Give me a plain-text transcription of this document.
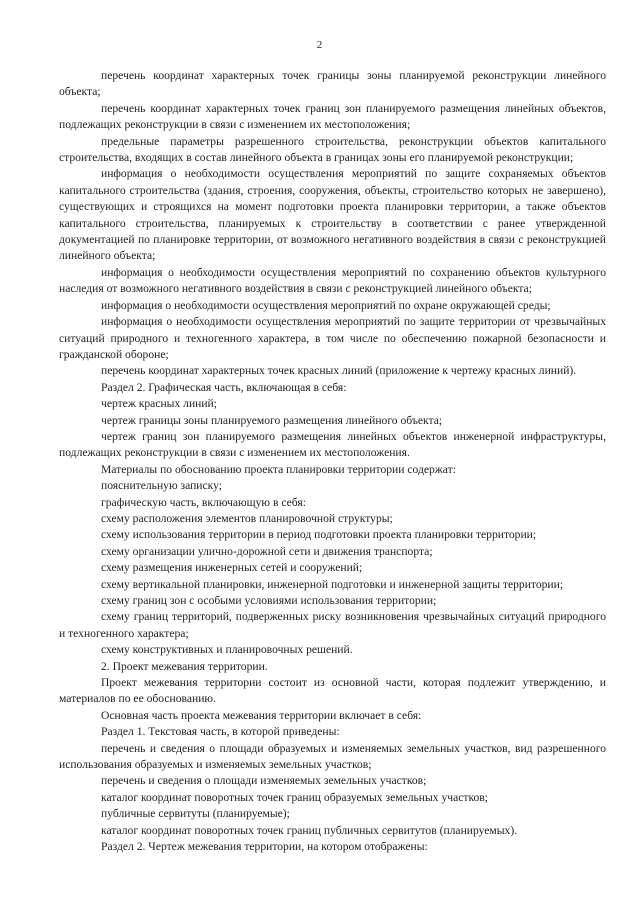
2

перечень координат характерных точек границы зоны планируемой реконструкции линейного объекта;

перечень координат характерных точек границ зон планируемого размещения линейных объектов, подлежащих реконструкции в связи с изменением их местоположения;

предельные параметры разрешенного строительства, реконструкции объектов капитального строительства, входящих в состав линейного объекта в границах зоны его планируемой реконструкции;

информация о необходимости осуществления мероприятий по защите сохраняемых объектов капитального строительства (здания, строения, сооружения, объекты, строительство которых не завершено), существующих и строящихся на момент подготовки проекта планировки территории, а также объектов капитального строительства, планируемых к строительству в соответствии с ранее утвержденной документацией по планировке территории, от возможного негативного воздействия в связи с реконструкцией линейного объекта;

информация о необходимости осуществления мероприятий по сохранению объектов культурного наследия от возможного негативного воздействия в связи с реконструкцией линейного объекта;

информация о необходимости осуществления мероприятий по охране окружающей среды;

информация о необходимости осуществления мероприятий по защите территории от чрезвычайных ситуаций природного и техногенного характера, в том числе по обеспечению пожарной безопасности и гражданской обороне;

перечень координат характерных точек красных линий (приложение к чертежу красных линий).

Раздел 2. Графическая часть, включающая в себя:

чертеж красных линий;

чертеж границы зоны планируемого размещения линейного объекта;

чертеж границ зон планируемого размещения линейных объектов инженерной инфраструктуры, подлежащих реконструкции в связи с изменением их местоположения.

Материалы по обоснованию проекта планировки территории содержат:

пояснительную записку;

графическую часть, включающую в себя:

схему расположения элементов планировочной структуры;

схему использования территории в период подготовки проекта планировки территории;

схему организации улично-дорожной сети и движения транспорта;

схему размещения инженерных сетей и сооружений;

схему вертикальной планировки, инженерной подготовки и инженерной защиты территории;

схему границ зон с особыми условиями использования территории;

схему границ территорий, подверженных риску возникновения чрезвычайных ситуаций природного и техногенного характера;

схему конструктивных и планировочных решений.

2. Проект межевания территории.

Проект межевания территории состоит из основной части, которая подлежит утверждению, и материалов по ее обоснованию.

Основная часть проекта межевания территории включает в себя:

Раздел 1. Текстовая часть, в которой приведены:

перечень и сведения о площади образуемых и изменяемых земельных участков, вид разрешенного использования образуемых и изменяемых земельных участков;

перечень и сведения о площади изменяемых земельных участков;

каталог координат поворотных точек границ образуемых земельных участков;

публичные сервитуты (планируемые);

каталог координат поворотных точек границ публичных сервитутов (планируемых).

Раздел 2. Чертеж межевания территории, на котором отображены:
